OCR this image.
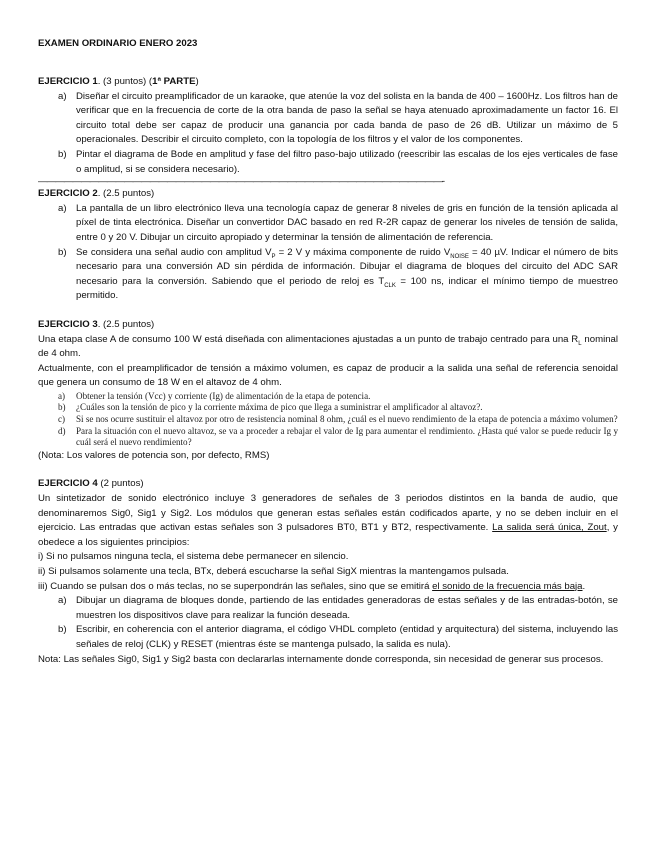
EXAMEN ORDINARIO ENERO 2023

EJERCICIO 1. (3 puntos) (1ª PARTE)

a) Diseñar el circuito preamplificador de un karaoke, que atenúe la voz del solista en la banda de 400 – 1600Hz. Los filtros han de verificar que en la frecuencia de corte de la otra banda de paso la señal se haya atenuado aproximadamente un factor 16. El circuito total debe ser capaz de producir una ganancia por cada banda de paso de 26 dB. Utilizar un máximo de 5 operacionales. Describir el circuito completo, con la topología de los filtros y el valor de los componentes.
b) Pintar el diagrama de Bode en amplitud y fase del filtro paso-bajo utilizado (reescribir las escalas de los ejes verticales de fase o amplitud, si se considera necesario).

———————————————————————————————————————————————-

EJERCICIO 2. (2.5 puntos)

a) La pantalla de un libro electrónico lleva una tecnología capaz de generar 8 niveles de gris en función de la tensión aplicada al píxel de tinta electrónica. Diseñar un convertidor DAC basado en red R-2R capaz de generar los niveles de tensión de salida, entre 0 y 20 V. Dibujar un circuito apropiado y determinar la tensión de alimentación de referencia.
b) Se considera una señal audio con amplitud $V_P = 2$ V y máxima componente de ruido $V_{NOISE} = 40$ µV. Indicar el número de bits necesario para una conversión AD sin pérdida de información. Dibujar el diagrama de bloques del circuito del ADC SAR necesario para la conversión. Sabiendo que el periodo de reloj es $T_{CLK} = 100$ ns, indicar el mínimo tiempo de muestreo permitido.

EJERCICIO 3. (2.5 puntos)

Una etapa clase A de consumo 100 W está diseñada con alimentaciones ajustadas a un punto de trabajo centrado para una $R_L$ nominal de 4 ohm.

Actualmente, con el preamplificador de tensión a máximo volumen, es capaz de producir a la salida una señal de referencia senoidal que genera un consumo de 18 W en el altavoz de 4 ohm.

a) Obtener la tensión (Vcc) y corriente (Ig) de alimentación de la etapa de potencia.
b) ¿Cuáles son la tensión de pico y la corriente máxima de pico que llega a suministrar el amplificador al altavoz?.
c) Si se nos ocurre sustituir el altavoz por otro de resistencia nominal 8 ohm, ¿cuál es el nuevo rendimiento de la etapa de potencia a máximo volumen?
d) Para la situación con el nuevo altavoz, se va a proceder a rebajar el valor de Ig para aumentar el rendimiento. ¿Hasta qué valor se puede reducir Ig y cuál será el nuevo rendimiento?

(Nota: Los valores de potencia son, por defecto, RMS)

EJERCICIO 4 (2 puntos)

Un sintetizador de sonido electrónico incluye 3 generadores de señales de 3 periodos distintos en la banda de audio, que denominaremos Sig0, Sig1 y Sig2. Los módulos que generan estas señales están codificados aparte, y no se deben incluir en el ejercicio. Las entradas que activan estas señales son 3 pulsadores BT0, BT1 y BT2, respectivamente. La salida será única, Zout, y obedece a los siguientes principios:

i) Si no pulsamos ninguna tecla, el sistema debe permanecer en silencio.

ii) Si pulsamos solamente una tecla, BTx, deberá escucharse la señal SigX mientras la mantengamos pulsada.

iii) Cuando se pulsan dos o más teclas, no se superpondrán las señales, sino que se emitirá el sonido de la frecuencia más baja.

a) Dibujar un diagrama de bloques donde, partiendo de las entidades generadoras de estas señales y de las entradas-botón, se muestren los dispositivos clave para realizar la función deseada.
b) Escribir, en coherencia con el anterior diagrama, el código VHDL completo (entidad y arquitectura) del sistema, incluyendo las señales de reloj (CLK) y RESET (mientras éste se mantenga pulsado, la salida es nula).

Nota: Las señales Sig0, Sig1 y Sig2 basta con declararlas internamente donde corresponda, sin necesidad de generar sus procesos.
